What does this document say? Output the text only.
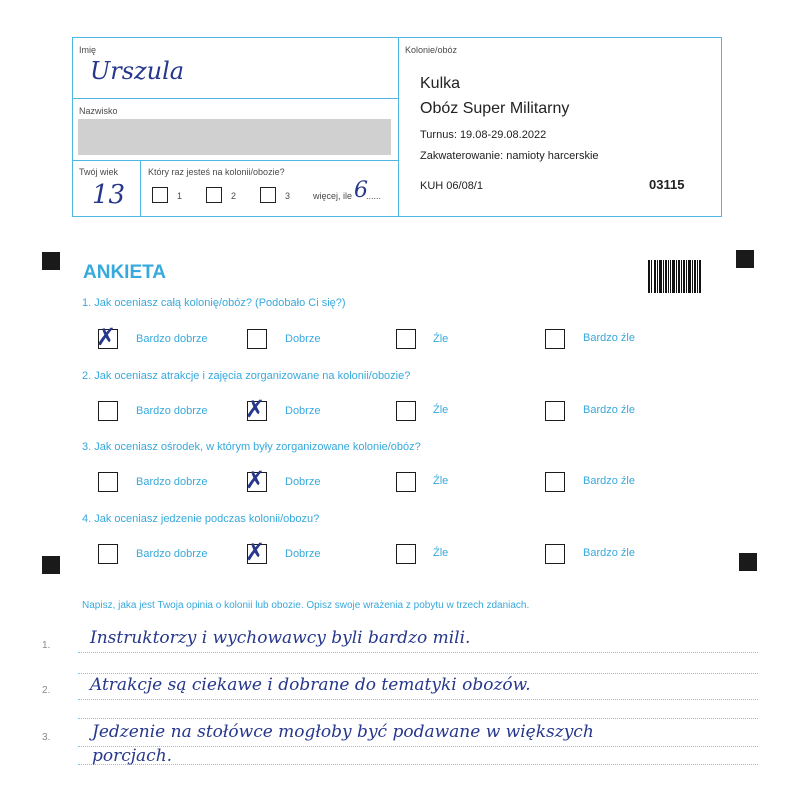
Imię
Urszula
Nazwisko
Twój wiek
13
Który raz jesteś na kolonii/obozie?
1	2	3	więcej, ile 6
......
Kolonie/obóz
Kulka
Obóz Super Militarny
Turnus: 19.08-29.08.2022
Zakwaterowanie: namioty harcerskie
KUH 06/08/1	03115
ANKIETA
1. Jak oceniasz całą kolonię/obóz? (Podobało Ci się?)
✗ Bardzo dobrze	Dobrze	Źle	Bardzo źle
2. Jak oceniasz atrakcje i zajęcia zorganizowane na kolonii/obozie?
Bardzo dobrze ✗ Dobrze	Źle	Bardzo źle
3. Jak oceniasz ośrodek, w którym były zorganizowane kolonie/obóz?
Bardzo dobrze ✗ Dobrze	Źle	Bardzo źle
4. Jak oceniasz jedzenie podczas kolonii/obozu?
Bardzo dobrze ✗ Dobrze	Źle	Bardzo źle
Napisz, jaka jest Twoja opinia o kolonii lub obozie. Opisz swoje wrażenia z pobytu w trzech zdaniach.
1.
2.
3.
Instruktorzy i wychowawcy byli bardzo mili.
Atrakcje są ciekawe i dobrane do tematyki obozów.
Jedzenie na stołówce mogłoby być podawane w większych
porcjach.
